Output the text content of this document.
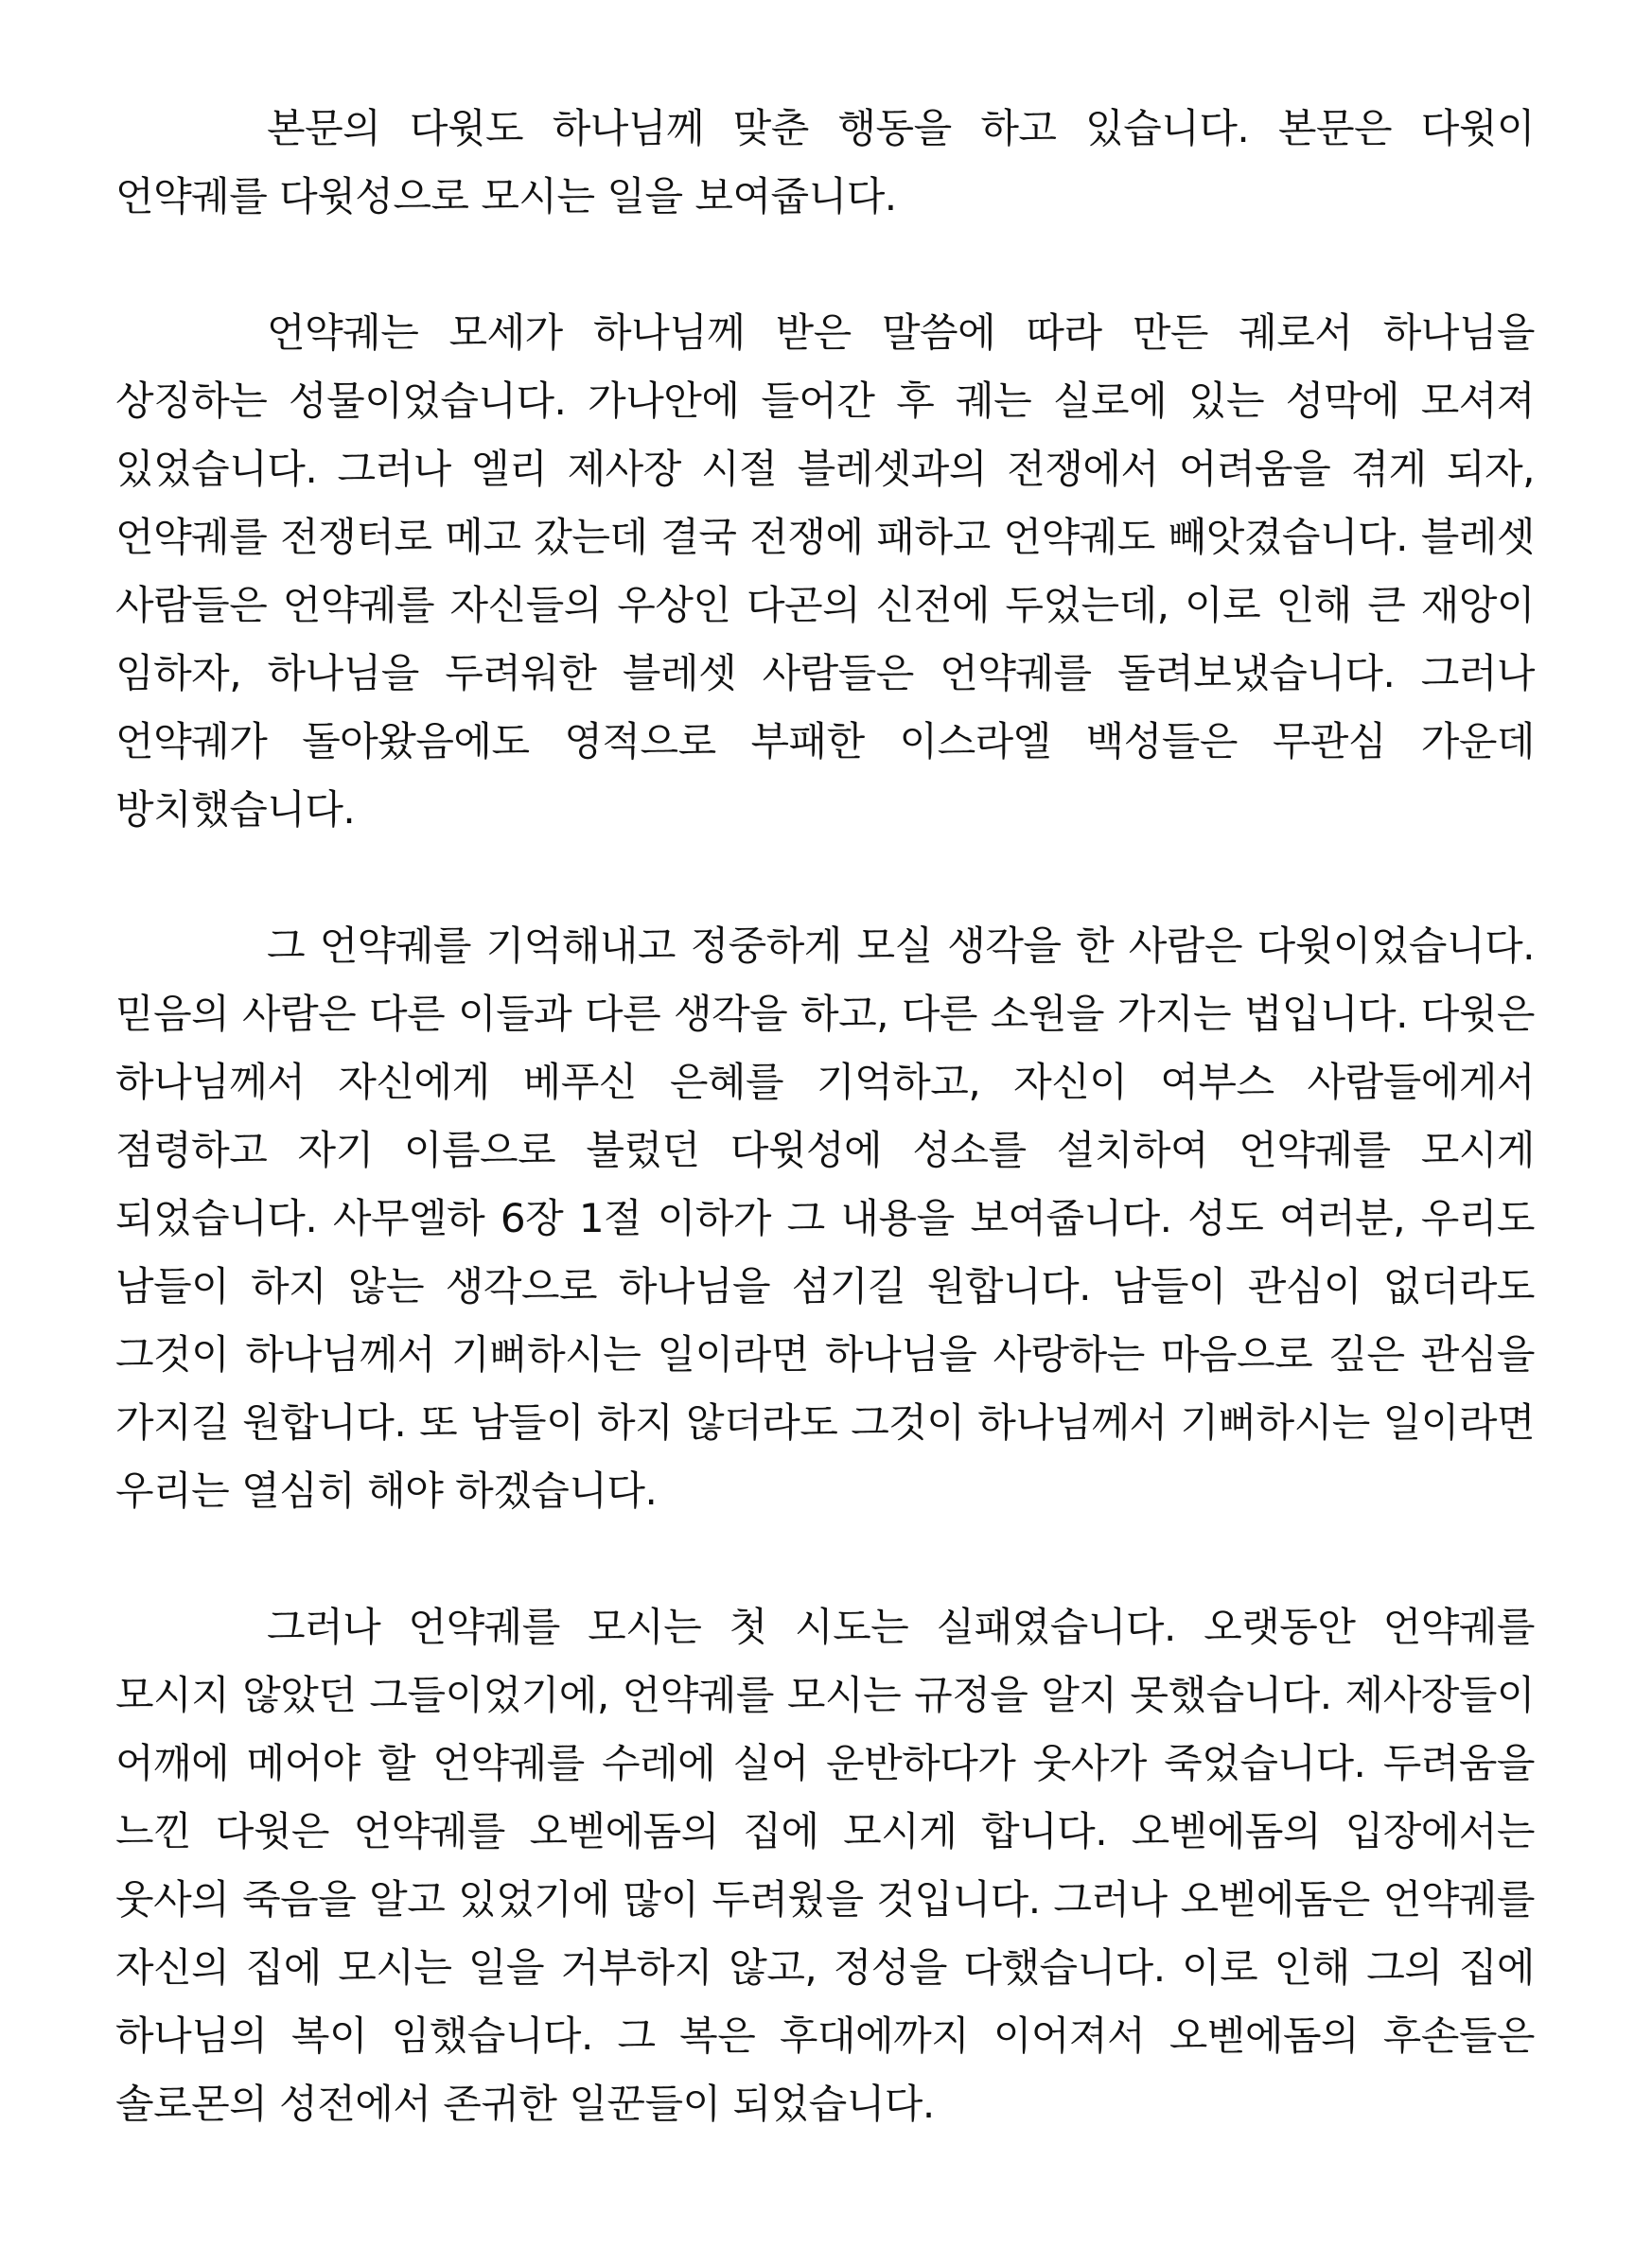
본문의 다윗도 하나님께 맞춘 행동을 하고 있습니다. 본문은 다윗이 언약궤를 다윗성으로 모시는 일을 보여줍니다.

언약궤는 모세가 하나님께 받은 말씀에 따라 만든 궤로서 하나님을 상징하는 성물이었습니다. 가나안에 들어간 후 궤는 실로에 있는 성막에 모셔져 있었습니다. 그러나 엘리 제사장 시절 블레셋과의 전쟁에서 어려움을 겪게 되자, 언약궤를 전쟁터로 메고 갔는데 결국 전쟁에 패하고 언약궤도 빼앗겼습니다. 블레셋 사람들은 언약궤를 자신들의 우상인 다곤의 신전에 두었는데, 이로 인해 큰 재앙이 임하자, 하나님을 두려워한 블레셋 사람들은 언약궤를 돌려보냈습니다. 그러나 언약궤가 돌아왔음에도 영적으로 부패한 이스라엘 백성들은 무관심 가운데 방치했습니다.

그 언약궤를 기억해내고 정중하게 모실 생각을 한 사람은 다윗이었습니다. 믿음의 사람은 다른 이들과 다른 생각을 하고, 다른 소원을 가지는 법입니다. 다윗은 하나님께서 자신에게 베푸신 은혜를 기억하고, 자신이 여부스 사람들에게서 점령하고 자기 이름으로 불렀던 다윗성에 성소를 설치하여 언약궤를 모시게 되었습니다. 사무엘하 6장 1절 이하가 그 내용을 보여줍니다. 성도 여러분, 우리도 남들이 하지 않는 생각으로 하나님을 섬기길 원합니다. 남들이 관심이 없더라도 그것이 하나님께서 기뻐하시는 일이라면 하나님을 사랑하는 마음으로 깊은 관심을 가지길 원합니다. 또 남들이 하지 않더라도 그것이 하나님께서 기뻐하시는 일이라면 우리는 열심히 해야 하겠습니다.

그러나 언약궤를 모시는 첫 시도는 실패였습니다. 오랫동안 언약궤를 모시지 않았던 그들이었기에, 언약궤를 모시는 규정을 알지 못했습니다. 제사장들이 어깨에 메어야 할 언약궤를 수레에 실어 운반하다가 웃사가 죽었습니다. 두려움을 느낀 다윗은 언약궤를 오벧에돔의 집에 모시게 합니다. 오벧에돔의 입장에서는 웃사의 죽음을 알고 있었기에 많이 두려웠을 것입니다. 그러나 오벧에돔은 언약궤를 자신의 집에 모시는 일을 거부하지 않고, 정성을 다했습니다. 이로 인해 그의 집에 하나님의 복이 임했습니다. 그 복은 후대에까지 이어져서 오벧에돔의 후손들은 솔로몬의 성전에서 존귀한 일꾼들이 되었습니다.
